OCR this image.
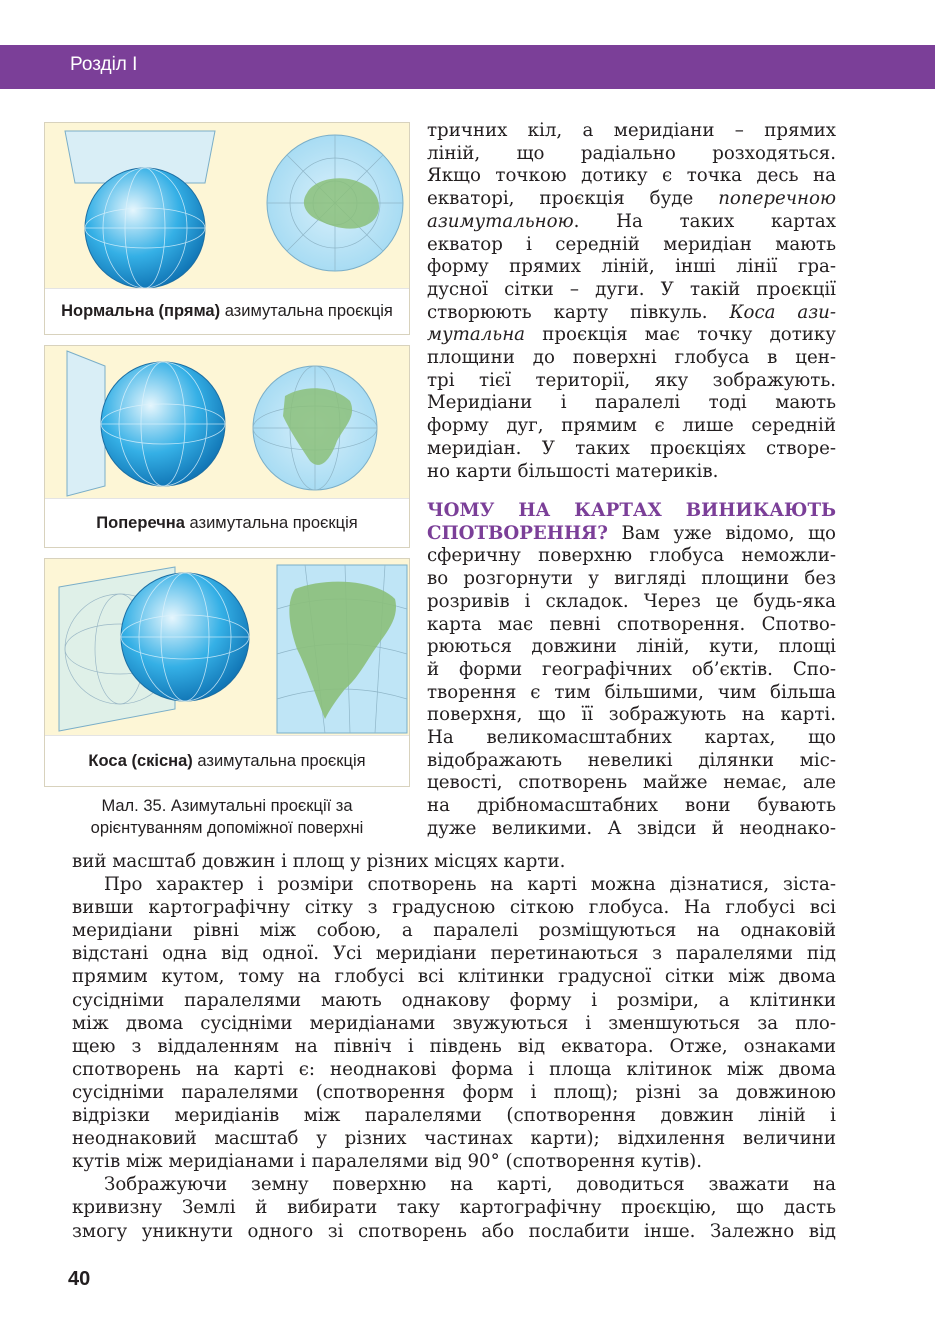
Розділ І
Нормальна (пряма) азимутальна проєкція
Поперечна азимутальна проєкція
Коса (скісна) азимутальна проєкція
Мал. 35. Азимутальні проєкції за
орієнтуванням допоміжної поверхні

тричних кіл, а меридіани – прямих

ліній, що радіально розходяться.

Якщо точкою дотику є точка десь на

екваторі, проєкція буде поперечною

азимутальною. На таких картах

екватор і середній меридіан мають

форму прямих ліній, інші лінії гра-

дусної сітки – дуги. У такій проєкції

створюють карту півкуль. Коса ази-

мутальна проєкція має точку дотику

площини до поверхні глобуса в цен-

трі тієї території, яку зображують.

Меридіани і паралелі тоді мають

форму дуг, прямим є лише середній

меридіан. У таких проєкціях створе-

но карти більшості материків.

ЧОМУ НА КАРТАХ ВИНИКАЮТЬ

СПОТВОРЕННЯ? Вам уже відомо, що

сферичну поверхню глобуса неможли-

во розгорнути у вигляді площини без

розривів і складок. Через це будь-яка

карта має певні спотворення. Спотво-

рюються довжини ліній, кути, площі

й форми географічних об’єктів. Спо-

творення є тим більшими, чим більша

поверхня, що її зображують на карті.

На великомасштабних картах, що

відображають невеликі ділянки міс-

цевості, спотворень майже немає, але

на дрібномасштабних вони бувають

дуже великими. А звідси й неоднако-

вий масштаб довжин і площ у різних місцях карти.
Про характер і розміри спотворень на карті можна дізнатися, зіста-
вивши картографічну сітку з градусною сіткою глобуса. На глобусі всі
меридіани рівні між собою, а паралелі розміщуються на однаковій
відстані одна від одної. Усі меридіани перетинаються з паралелями під
прямим кутом, тому на глобусі всі клітинки градусної сітки між двома
сусідніми паралелями мають однакову форму і розміри, а клітинки
між двома сусідніми меридіанами звужуються і зменшуються за пло-
щею з віддаленням на північ і південь від екватора. Отже, ознаками
спотворень на карті є: неоднакові форма і площа клітинок між двома
сусідніми паралелями (спотворення форм і площ); різні за довжиною
відрізки меридіанів між паралелями (спотворення довжин ліній і
неоднаковий масштаб у різних частинах карти); відхилення величини
кутів між меридіанами і паралелями від 90° (спотворення кутів).
Зображуючи земну поверхню на карті, доводиться зважати на
кривизну Землі й вибирати таку картографічну проєкцію, що дасть
змогу уникнути одного зі спотворень або послабити інше. Залежно від
40
